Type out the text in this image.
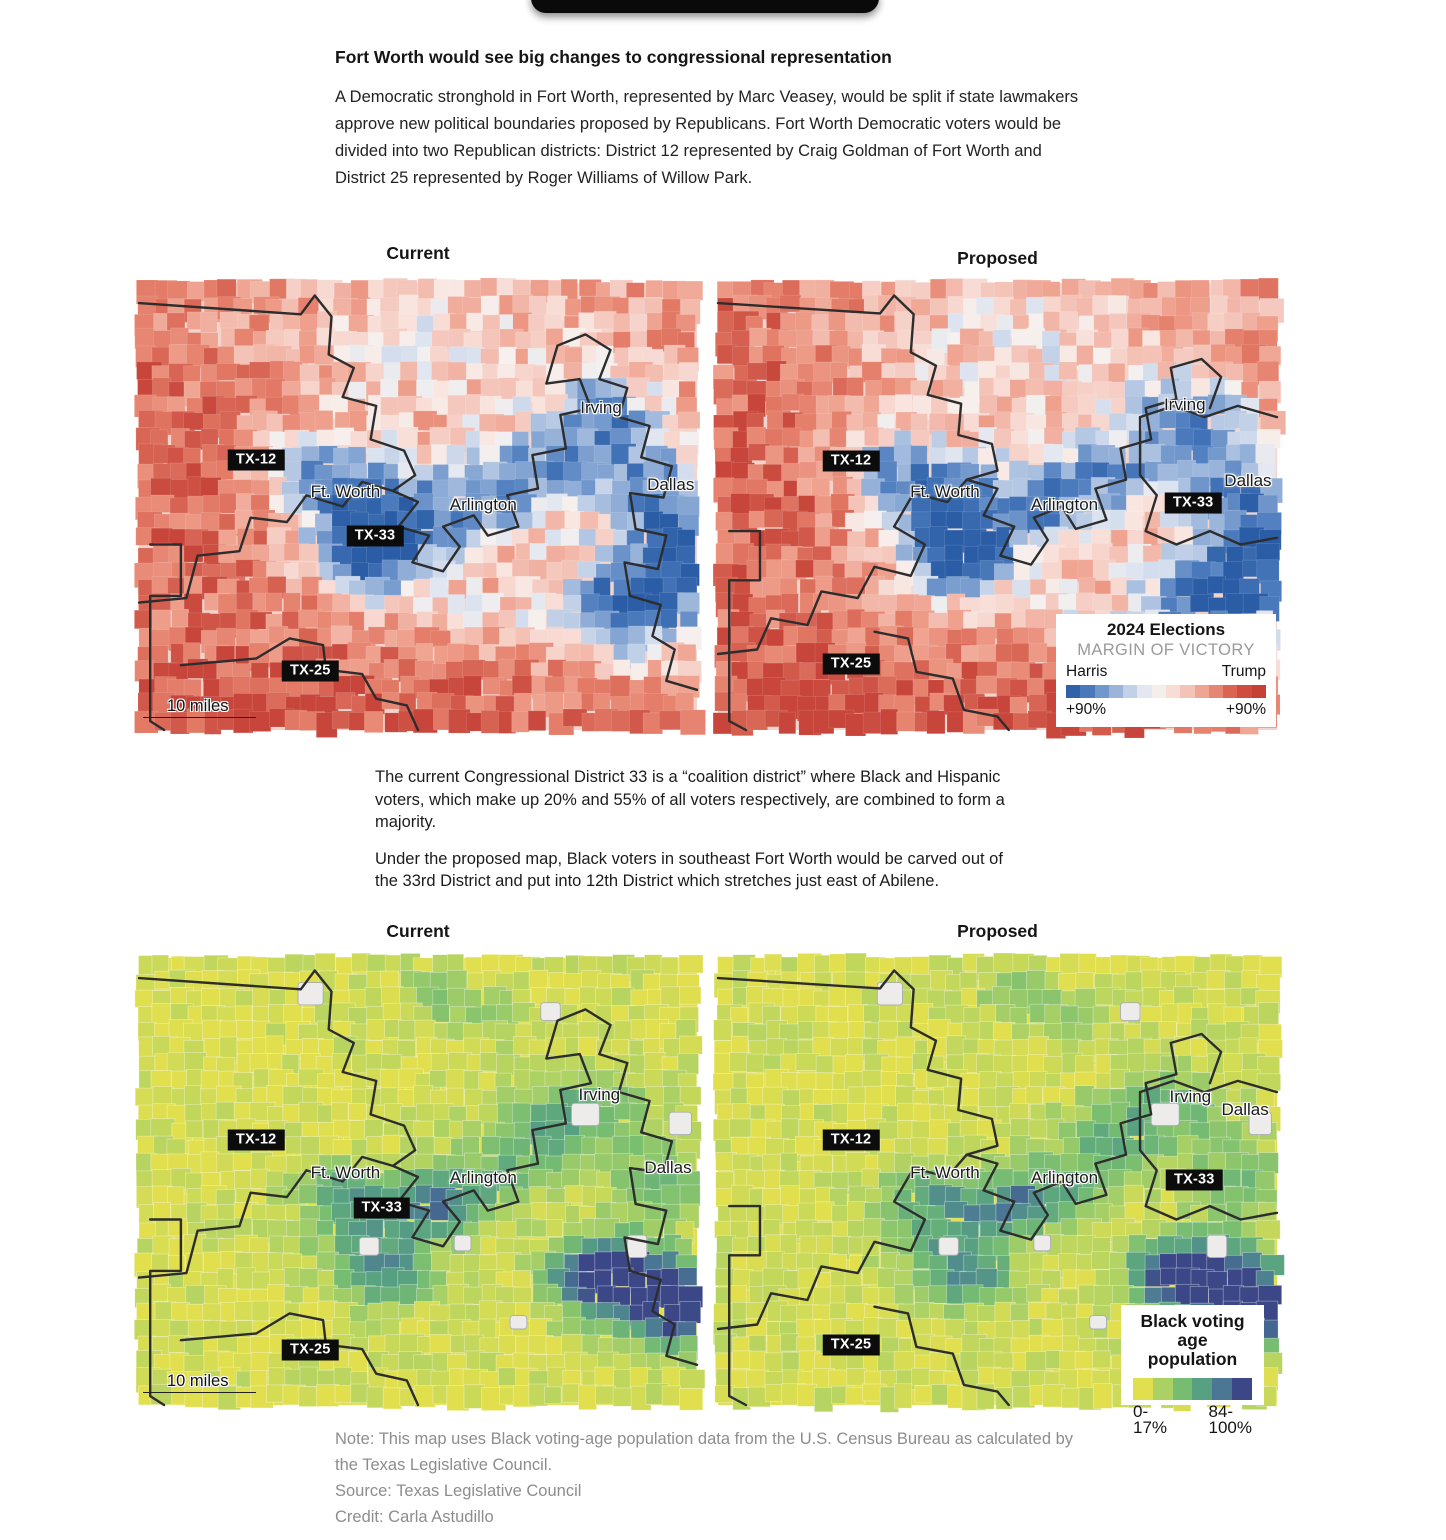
Fort Worth would see big changes to congressional representation
A Democratic stronghold in Fort Worth, represented by Marc Veasey, would be split if state lawmakers approve new political boundaries proposed by Republicans. Fort Worth Democratic voters would be divided into two Republican districts: District 12 represented by Craig Goldman of Fort Worth and District 25 represented by Roger Williams of Willow Park.
Current	Proposed
10 miles
TX-12
Ft. Worth
Arlington
Irving
Dallas
TX-33
TX-25
2024 Elections
MARGIN OF VICTORY
Harris	Trump
+90%	+90%
TX-12
Ft. Worth
Arlington
Irving
Dallas
TX-33
TX-25

The current Congressional District 33 is a “coalition district” where Black and Hispanic voters, which make up 20% and 55% of all voters respectively, are combined to form a majority.

Under the proposed map, Black voters in southeast Fort Worth would be carved out of the 33rd District and put into 12th District which stretches just east of Abilene.

Current	Proposed
10 miles
TX-12
Ft. Worth	Arlington
Irving
Dallas
TX-33
TX-25
Black voting
age population
0-
17%
84-
100%
TX-12
Ft. Worth	Arlington
Irving
Dallas
TX-33
TX-25
Note: This map uses Black voting-age population data from the U.S. Census Bureau as calculated by the Texas Legislative Council.
Source: Texas Legislative Council
Credit: Carla Astudillo
